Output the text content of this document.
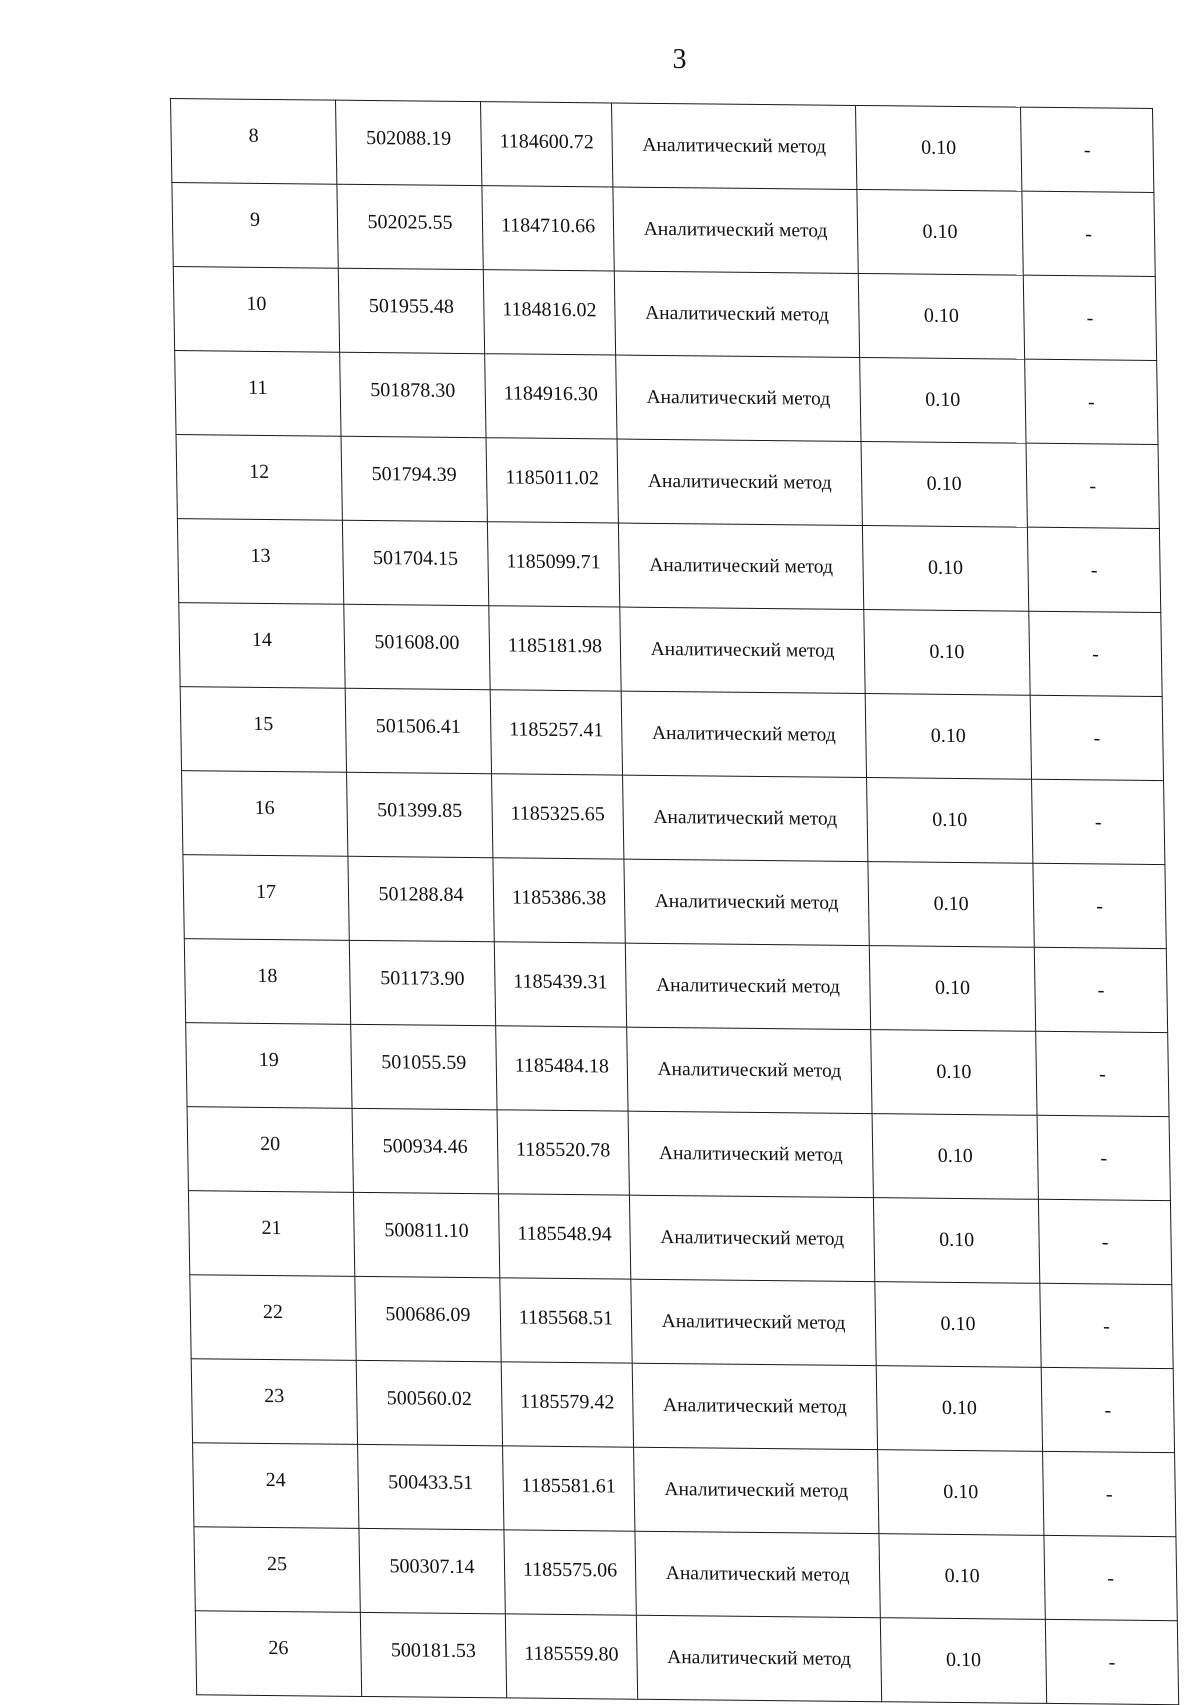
3
8	502088.19	1184600.72	Аналитический метод	0.10	-
9	502025.55	1184710.66	Аналитический метод	0.10	-
10	501955.48	1184816.02	Аналитический метод	0.10	-
11	501878.30	1184916.30	Аналитический метод	0.10	-
12	501794.39	1185011.02	Аналитический метод	0.10	-
13	501704.15	1185099.71	Аналитический метод	0.10	-
14	501608.00	1185181.98	Аналитический метод	0.10	-
15	501506.41	1185257.41	Аналитический метод	0.10	-
16	501399.85	1185325.65	Аналитический метод	0.10	-
17	501288.84	1185386.38	Аналитический метод	0.10	-
18	501173.90	1185439.31	Аналитический метод	0.10	-
19	501055.59	1185484.18	Аналитический метод	0.10	-
20	500934.46	1185520.78	Аналитический метод	0.10	-
21	500811.10	1185548.94	Аналитический метод	0.10	-
22	500686.09	1185568.51	Аналитический метод	0.10	-
23	500560.02	1185579.42	Аналитический метод	0.10	-
24	500433.51	1185581.61	Аналитический метод	0.10	-
25	500307.14	1185575.06	Аналитический метод	0.10	-
26	500181.53	1185559.80	Аналитический метод	0.10	-
